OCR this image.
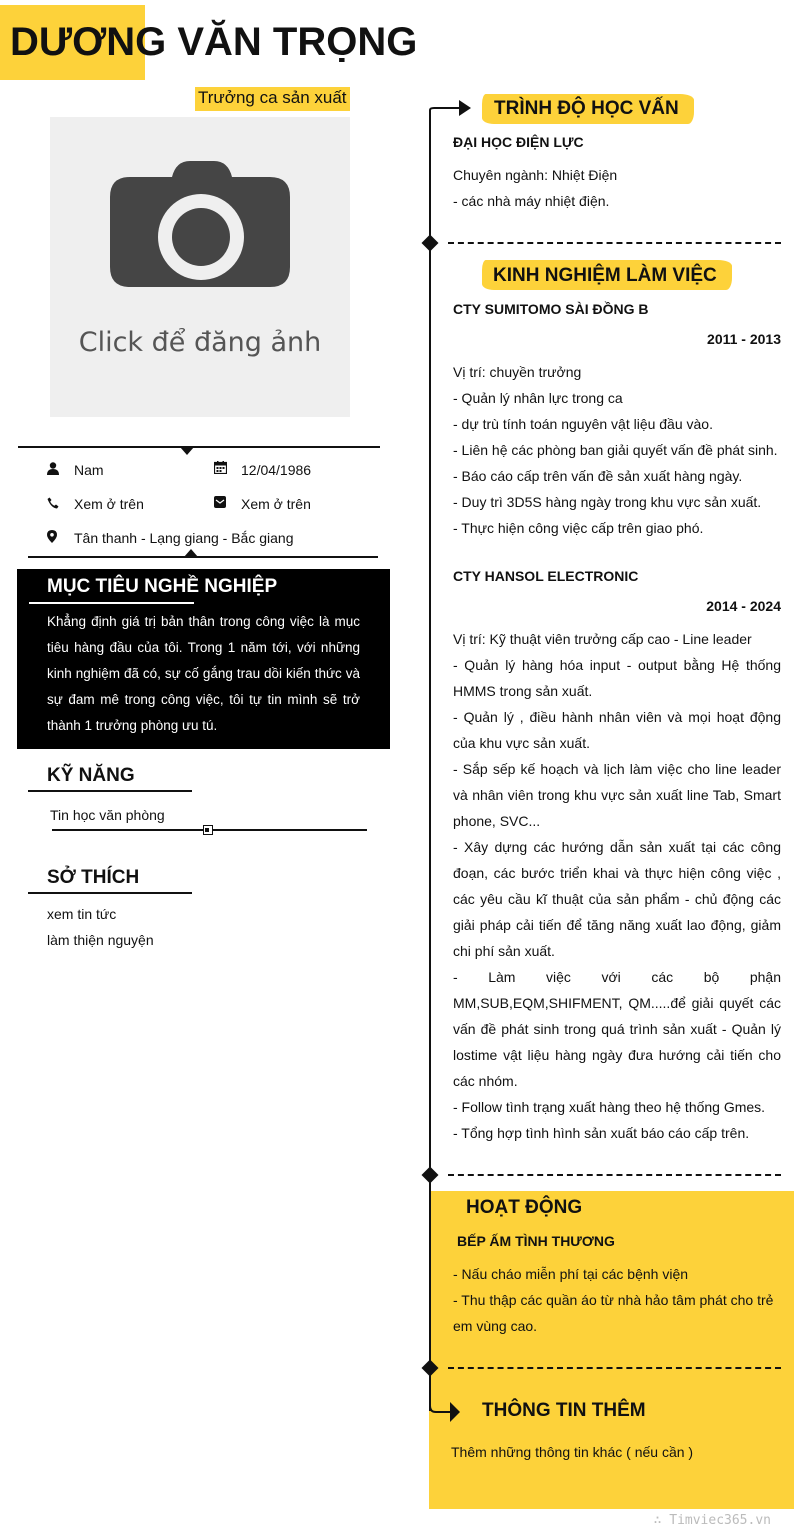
DƯƠNG VĂN TRỌNG
Trưởng ca sản xuất
Click để đăng ảnh
Nam	12/04/1986
Xem ở trên	Xem ở trên
Tân thanh - Lạng giang - Bắc giang
MỤC TIÊU NGHỀ NGHIỆP
Khẳng định giá trị bản thân trong công việc là mục tiêu hàng đầu của tôi. Trong 1 năm tới, với những kinh nghiệm đã có, sự cố gắng trau dồi kiến thức và sự đam mê trong công việc, tôi tự tin mình sẽ trở thành 1 trưởng phòng ưu tú.
KỸ NĂNG
Tin học văn phòng
SỞ THÍCH
xem tin tức
làm thiện nguyện
TRÌNH ĐỘ HỌC VẤN
ĐẠI HỌC ĐIỆN LỰC
Chuyên ngành: Nhiệt Điện
- các nhà máy nhiệt điện.
KINH NGHIỆM LÀM VIỆC
CTY SUMITOMO SÀI ĐỒNG B
2011 - 2013
Vị trí: chuyền trưởng
- Quản lý nhân lực trong ca
- dự trù tính toán nguyên vật liệu đầu vào.
- Liên hệ các phòng ban giải quyết vấn đề phát sinh.
- Báo cáo cấp trên vấn đề sản xuất hàng ngày.
- Duy trì 3D5S hàng ngày trong khu vực sản xuất.
- Thực hiện công việc cấp trên giao phó.
CTY HANSOL ELECTRONIC
2014 - 2024
Vị trí: Kỹ thuật viên trưởng cấp cao - Line leader
- Quản lý hàng hóa input - output bằng Hệ thống HMMS trong sản xuất.
- Quản lý , điều hành nhân viên và mọi hoạt động của khu vực sản xuất.
- Sắp sếp kế hoạch và lịch làm việc cho line leader và nhân viên trong khu vực sản xuất line Tab, Smart phone, SVC...
- Xây dựng các hướng dẫn sản xuất tại các công đoạn, các bước triển khai và thực hiện công việc , các yêu cầu kĩ thuật của sản phẩm - chủ động các giải pháp cải tiến để tăng năng xuất lao động, giảm chi phí sản xuất.
- Làm việc với các bộ phận MM,SUB,EQM,SHIFMENT, QM.....để giải quyết các vấn đề phát sinh trong quá trình sản xuất - Quản lý lostime vật liệu hàng ngày đưa hướng cải tiến cho các nhóm.
- Follow tình trạng xuất hàng theo hệ thống Gmes.
- Tổng hợp tình hình sản xuất báo cáo cấp trên.
HOẠT ĐỘNG
BẾP ẤM TÌNH THƯƠNG
- Nấu cháo miễn phí tại các bệnh viện
- Thu thập các quần áo từ nhà hảo tâm phát cho trẻ em vùng cao.
THÔNG TIN THÊM
Thêm những thông tin khác ( nếu cần )
∴ Timviec365.vn
